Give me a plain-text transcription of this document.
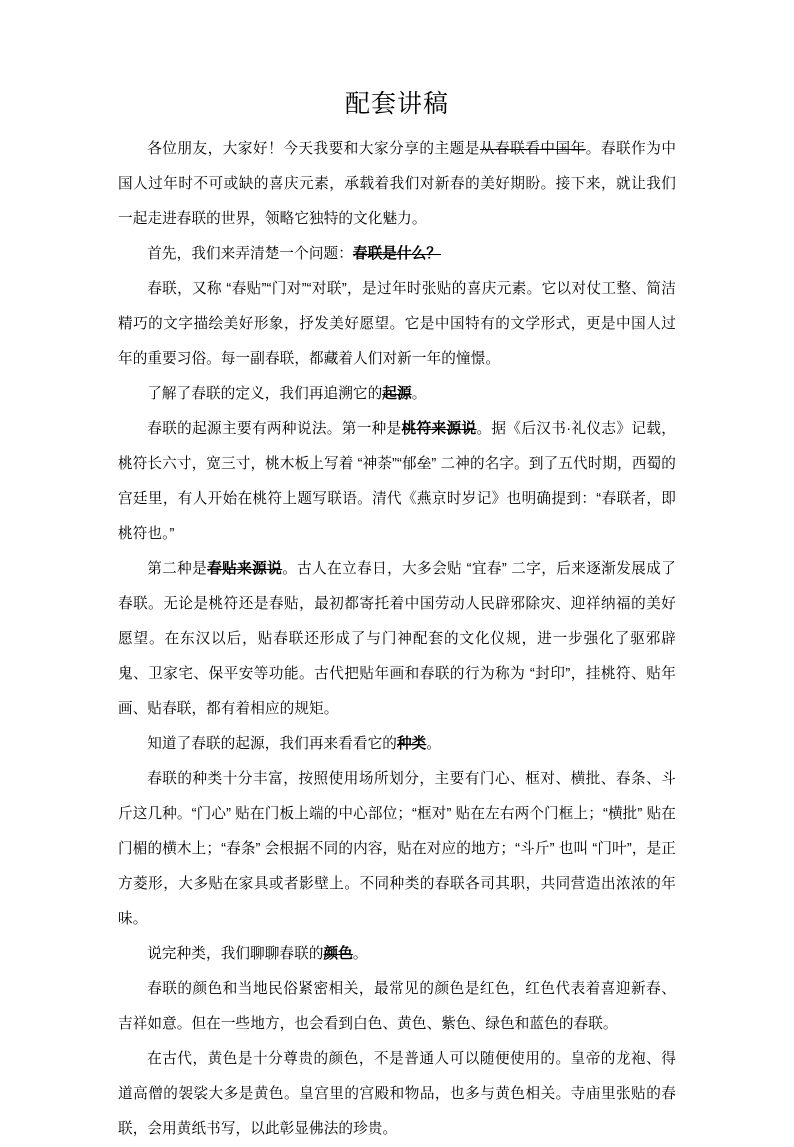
配套讲稿

各位朋友，大家好！今天我要和大家分享的主题是从春联看中国年。春联作为中国人过年时不可或缺的喜庆元素，承载着我们对新春的美好期盼。接下来，就让我们一起走进春联的世界，领略它独特的文化魅力。

首先，我们来弄清楚一个问题：春联是什么？

春联，又称 “春贴”“门对”“对联”，是过年时张贴的喜庆元素。它以对仗工整、简洁精巧的文字描绘美好形象，抒发美好愿望。它是中国特有的文学形式，更是中国人过年的重要习俗。每一副春联，都藏着人们对新一年的憧憬。

了解了春联的定义，我们再追溯它的起源。

春联的起源主要有两种说法。第一种是桃符来源说。据《后汉书·礼仪志》记载，桃符长六寸，宽三寸，桃木板上写着 “神荼”“郁垒” 二神的名字。到了五代时期，西蜀的宫廷里，有人开始在桃符上题写联语。清代《燕京时岁记》也明确提到：“春联者，即桃符也。”

第二种是春贴来源说。古人在立春日，大多会贴 “宜春” 二字，后来逐渐发展成了春联。无论是桃符还是春贴，最初都寄托着中国劳动人民辟邪除灾、迎祥纳福的美好愿望。在东汉以后，贴春联还形成了与门神配套的文化仪规，进一步强化了驱邪辟鬼、卫家宅、保平安等功能。古代把贴年画和春联的行为称为 “封印”，挂桃符、贴年画、贴春联，都有着相应的规矩。

知道了春联的起源，我们再来看看它的种类。

春联的种类十分丰富，按照使用场所划分，主要有门心、框对、横批、春条、斗斤这几种。“门心” 贴在门板上端的中心部位；“框对” 贴在左右两个门框上；“横批” 贴在门楣的横木上；“春条” 会根据不同的内容，贴在对应的地方；“斗斤” 也叫 “门叶”，是正方菱形，大多贴在家具或者影壁上。不同种类的春联各司其职，共同营造出浓浓的年味。

说完种类，我们聊聊春联的颜色。

春联的颜色和当地民俗紧密相关，最常见的颜色是红色，红色代表着喜迎新春、吉祥如意。但在一些地方，也会看到白色、黄色、紫色、绿色和蓝色的春联。

在古代，黄色是十分尊贵的颜色，不是普通人可以随便使用的。皇帝的龙袍、得道高僧的袈裟大多是黄色。皇宫里的宫殿和物品，也多与黄色相关。寺庙里张贴的春联，会用黄纸书写，以此彰显佛法的珍贵。
